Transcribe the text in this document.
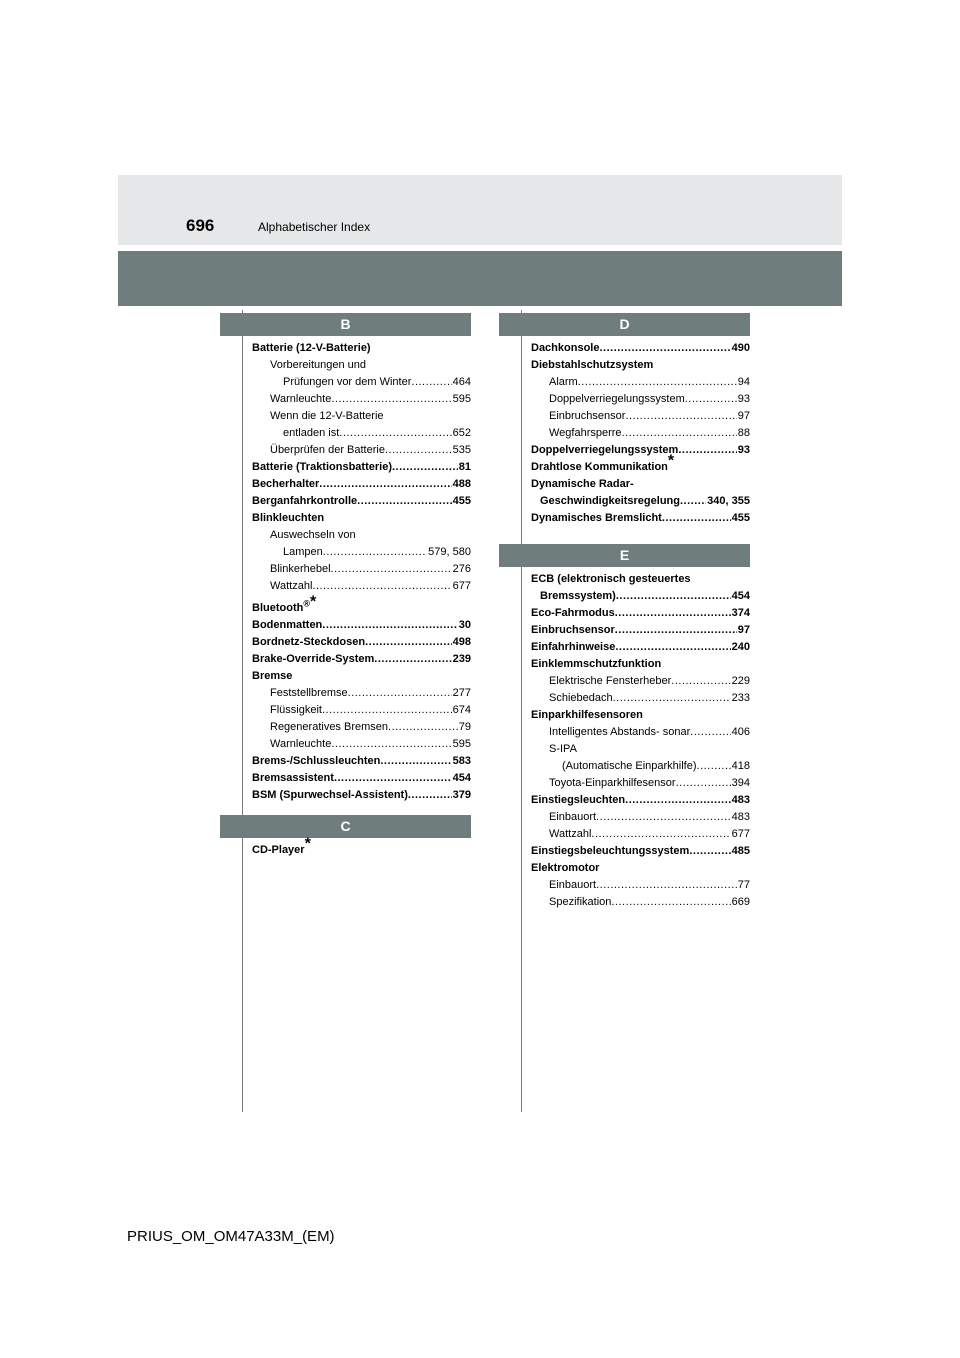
696	Alphabetischer Index
B
Batterie (12-V-Batterie)
Vorbereitungen und
Prüfungen vor dem Winter .....	464
Warnleuchte .....	595
Wenn die 12-V-Batterie
entladen ist .....	652
Überprüfen der Batterie .....	535
Batterie (Traktionsbatterie) .....	81
Becherhalter .....	488
Berganfahrkontrolle .....	455
Blinkleuchten
Auswechseln von
Lampen .....	579, 580
Blinkerhebel .....	276
Wattzahl .....	677
Bluetooth®*
Bodenmatten .....	30
Bordnetz-Steckdosen .....	498
Brake-Override-System .....	239
Bremse
Feststellbremse .....	277
Flüssigkeit .....	674
Regeneratives Bremsen .....	79
Warnleuchte .....	595
Brems-/Schlussleuchten .....	583
Bremsassistent .....	454
BSM (Spurwechsel-Assistent) .....	379
C
CD-Player*
D
Dachkonsole .....	490
Diebstahlschutzsystem
Alarm .....	94
Doppelverriegelungssystem .....	93
Einbruchsensor .....	97
Wegfahrsperre .....	88
Doppelverriegelungssystem .....	93
Drahtlose Kommunikation*
Dynamische Radar-
Geschwindigkeitsregelung ..... 340, 355
Dynamisches Bremslicht .....	455
E
ECB (elektronisch gesteuertes
Bremssystem) .....	454
Eco-Fahrmodus .....	374
Einbruchsensor .....	97
Einfahrhinweise .....	240
Einklemmschutzfunktion
Elektrische Fensterheber .....	229
Schiebedach .....	233
Einparkhilfesensoren
Intelligentes Abstands- sonar .....	406
S-IPA
(Automatische Einparkhilfe) .....	418
Toyota-Einparkhilfesensor .....	394
Einstiegsleuchten .....	483
Einbauort .....	483
Wattzahl .....	677
Einstiegsbeleuchtungssystem .....	485
Elektromotor
Einbauort .....	77
Spezifikation .....	669
PRIUS_OM_OM47A33M_(EM)
